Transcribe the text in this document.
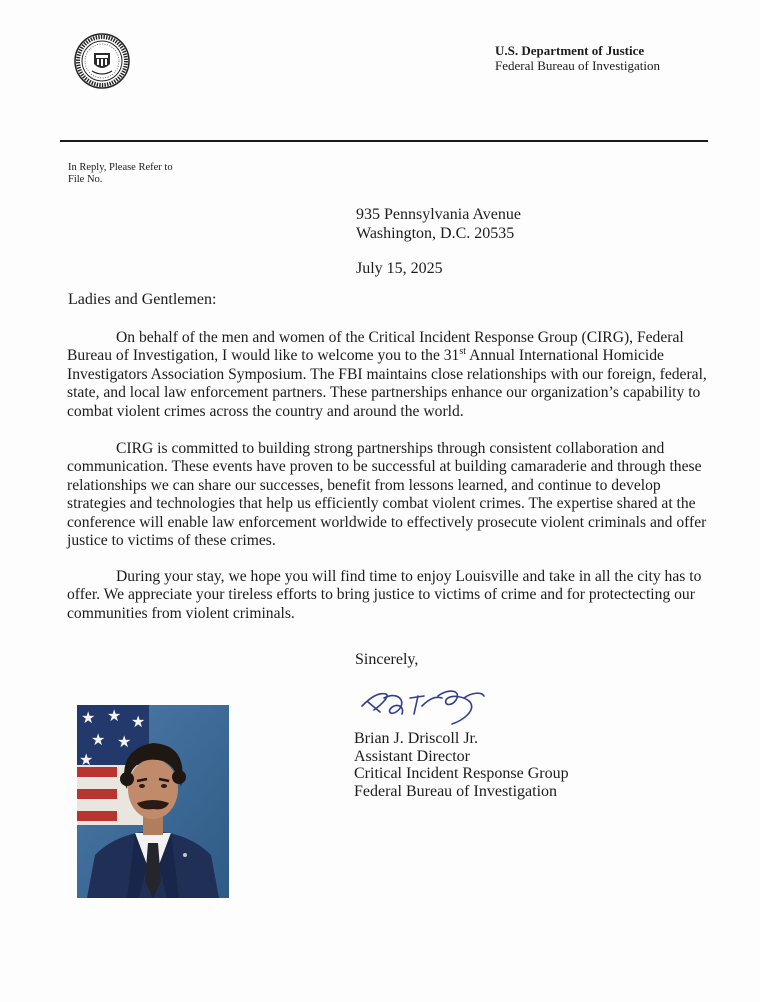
U.S. Department of Justice
Federal Bureau of Investigation
In Reply, Please Refer to
File No.
935 Pennsylvania Avenue
Washington, D.C. 20535
July 15, 2025
Ladies and Gentlemen:

On behalf of the men and women of the Critical Incident Response Group (CIRG), Federal Bureau of Investigation, I would like to welcome you to the 31st Annual International Homicide Investigators Association Symposium. The FBI maintains close relationships with our foreign, federal, state, and local law enforcement partners. These partnerships enhance our organization’s capability to combat violent crimes across the country and around the world.

CIRG is committed to building strong partnerships through consistent collaboration and communication. These events have proven to be successful at building camaraderie and through these relationships we can share our successes, benefit from lessons learned, and continue to develop strategies and technologies that help us efficiently combat violent crimes. The expertise shared at the conference will enable law enforcement worldwide to effectively prosecute violent criminals and offer justice to victims of these crimes.

During your stay, we hope you will find time to enjoy Louisville and take in all the city has to offer. We appreciate your tireless efforts to bring justice to victims of crime and for protectecting our communities from violent criminals.

Sincerely,
Brian J. Driscoll Jr.
Assistant Director
Critical Incident Response Group
Federal Bureau of Investigation
★ ★ ★
★ ★
★
